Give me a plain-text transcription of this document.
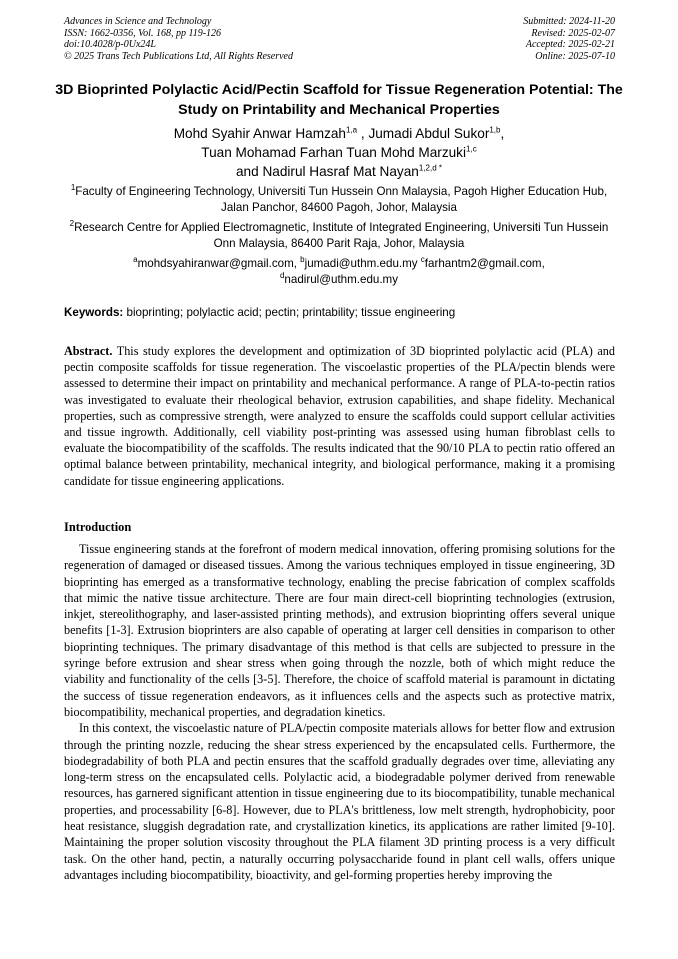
Advances in Science and Technology
ISSN: 1662-0356, Vol. 168, pp 119-126
doi:10.4028/p-0Ux24L
© 2025 Trans Tech Publications Ltd, All Rights Reserved
Submitted: 2024-11-20
Revised: 2025-02-07
Accepted: 2025-02-21
Online: 2025-07-10
3D Bioprinted Polylactic Acid/Pectin Scaffold for Tissue Regeneration Potential: The Study on Printability and Mechanical Properties
Mohd Syahir Anwar Hamzah$^{1,a}$ , Jumadi Abdul Sukor$^{1,b}$,
Tuan Mohamad Farhan Tuan Mohd Marzuki$^{1,c}$
and Nadirul Hasraf Mat Nayan$^{1,2,d *}$
$^1$Faculty of Engineering Technology, Universiti Tun Hussein Onn Malaysia, Pagoh Higher Education Hub, Jalan Panchor, 84600 Pagoh, Johor, Malaysia
$^2$Research Centre for Applied Electromagnetic, Institute of Integrated Engineering, Universiti Tun Hussein Onn Malaysia, 86400 Parit Raja, Johor, Malaysia
$^a$mohdsyahiranwar@gmail.com, $^b$jumadi@uthm.edu.my $^c$farhantm2@gmail.com,
$^d$nadirul@uthm.edu.my
Keywords: bioprinting; polylactic acid; pectin; printability; tissue engineering

Abstract. This study explores the development and optimization of 3D bioprinted polylactic acid (PLA) and pectin composite scaffolds for tissue regeneration. The viscoelastic properties of the PLA/pectin blends were assessed to determine their impact on printability and mechanical performance. A range of PLA-to-pectin ratios was investigated to evaluate their rheological behavior, extrusion capabilities, and shape fidelity. Mechanical properties, such as compressive strength, were analyzed to ensure the scaffolds could support cellular activities and tissue ingrowth. Additionally, cell viability post-printing was assessed using human fibroblast cells to evaluate the biocompatibility of the scaffolds. The results indicated that the 90/10 PLA to pectin ratio offered an optimal balance between printability, mechanical integrity, and biological performance, making it a promising candidate for tissue engineering applications.

Introduction

Tissue engineering stands at the forefront of modern medical innovation, offering promising solutions for the regeneration of damaged or diseased tissues. Among the various techniques employed in tissue engineering, 3D bioprinting has emerged as a transformative technology, enabling the precise fabrication of complex scaffolds that mimic the native tissue architecture. There are four main direct-cell bioprinting technologies (extrusion, inkjet, stereolithography, and laser-assisted printing methods), and extrusion bioprinting offers several unique benefits [1-3]. Extrusion bioprinters are also capable of operating at larger cell densities in comparison to other bioprinting techniques. The primary disadvantage of this method is that cells are subjected to pressure in the syringe before extrusion and shear stress when going through the nozzle, both of which might reduce the viability and functionality of the cells [3-5]. Therefore, the choice of scaffold material is paramount in dictating the success of tissue regeneration endeavors, as it influences cells and the aspects such as protective matrix, biocompatibility, mechanical properties, and degradation kinetics.

In this context, the viscoelastic nature of PLA/pectin composite materials allows for better flow and extrusion through the printing nozzle, reducing the shear stress experienced by the encapsulated cells. Furthermore, the biodegradability of both PLA and pectin ensures that the scaffold gradually degrades over time, alleviating any long-term stress on the encapsulated cells. Polylactic acid, a biodegradable polymer derived from renewable resources, has garnered significant attention in tissue engineering due to its biocompatibility, tunable mechanical properties, and processability [6-8]. However, due to PLA's brittleness, low melt strength, hydrophobicity, poor heat resistance, sluggish degradation rate, and crystallization kinetics, its applications are rather limited [9-10]. Maintaining the proper solution viscosity throughout the PLA filament 3D printing process is a very difficult task. On the other hand, pectin, a naturally occurring polysaccharide found in plant cell walls, offers unique advantages including biocompatibility, bioactivity, and gel-forming properties hereby improving the
